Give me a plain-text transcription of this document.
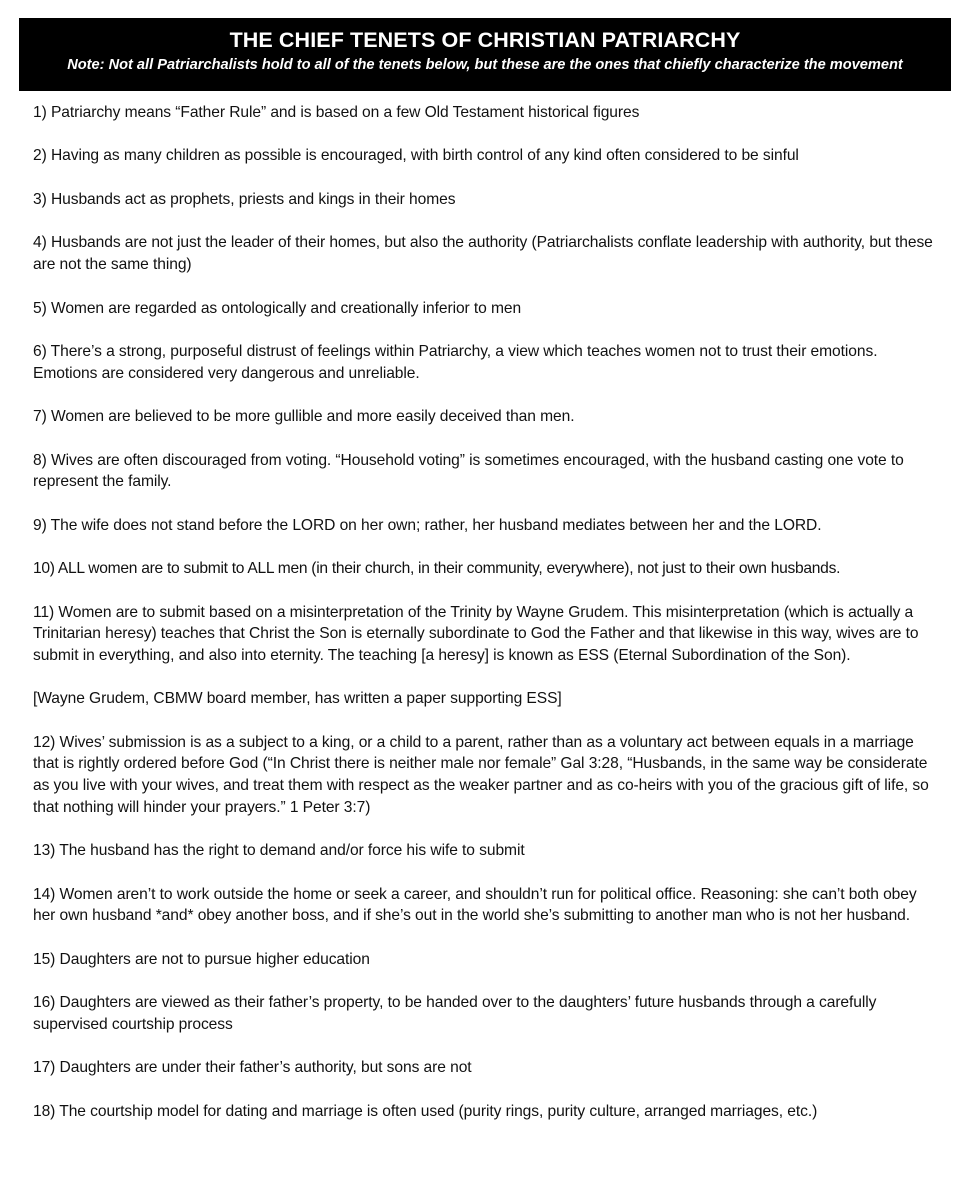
THE CHIEF TENETS OF CHRISTIAN PATRIARCHY
Note: Not all Patriarchalists hold to all of the tenets below, but these are the ones that chiefly characterize the movement
1) Patriarchy means “Father Rule” and is based on a few Old Testament historical figures
2) Having as many children as possible is encouraged, with birth control of any kind often considered to be sinful
3) Husbands act as prophets, priests and kings in their homes
4) Husbands are not just the leader of their homes, but also the authority (Patriarchalists conflate leadership with authority, but these are not the same thing)
5) Women are regarded as ontologically and creationally inferior to men
6) There’s a strong, purposeful distrust of feelings within Patriarchy, a view which teaches women not to trust their emotions. Emotions are considered very dangerous and unreliable.
7) Women are believed to be more gullible and more easily deceived than men.
8) Wives are often discouraged from voting. “Household voting” is sometimes encouraged, with the husband casting one vote to represent the family.
9) The wife does not stand before the LORD on her own; rather, her husband mediates between her and the LORD.
10) ALL women are to submit to ALL men (in their church, in their community, everywhere), not just to their own husbands.
11) Women are to submit based on a misinterpretation of the Trinity by Wayne Grudem. This misinterpretation (which is actually a Trinitarian heresy) teaches that Christ the Son is eternally subordinate to God the Father and that likewise in this way, wives are to submit in everything, and also into eternity. The teaching [a heresy] is known as ESS (Eternal Subordination of the Son).
[Wayne Grudem, CBMW board member, has written a paper supporting ESS]
12) Wives’ submission is as a subject to a king, or a child to a parent, rather than as a voluntary act between equals in a marriage that is rightly ordered before God (“In Christ there is neither male nor female” Gal 3:28, “Husbands, in the same way be considerate as you live with your wives, and treat them with respect as the weaker partner and as co-heirs with you of the gracious gift of life, so that nothing will hinder your prayers.” 1 Peter 3:7)
13) The husband has the right to demand and/or force his wife to submit
14) Women aren’t to work outside the home or seek a career, and shouldn’t run for political office. Reasoning: she can’t both obey her own husband *and* obey another boss, and if she’s out in the world she’s submitting to another man who is not her husband.
15) Daughters are not to pursue higher education
16) Daughters are viewed as their father’s property, to be handed over to the daughters’ future husbands through a carefully supervised courtship process
17) Daughters are under their father’s authority, but sons are not
18) The courtship model for dating and marriage is often used (purity rings, purity culture, arranged marriages, etc.)
